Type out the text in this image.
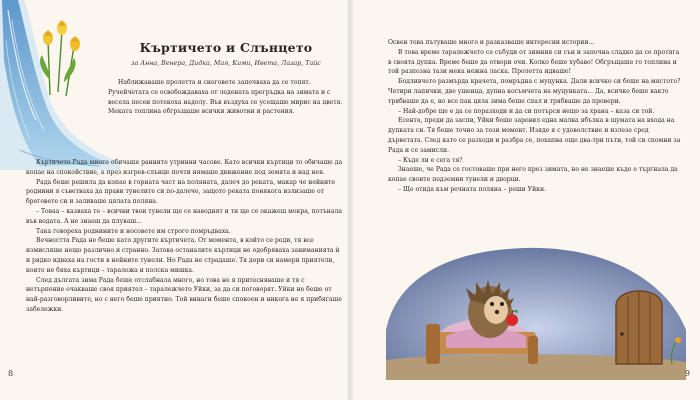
Къртичето и Слънцето
за Анна, Венера, Дидка, Мая, Кими, Ивета, Лазар, Тайс

Наближаваше пролетта и снеговете започваха да се топят. Ручейчетата се освобождаваха от ледената прегръдка на зимата и с весела песен потекоха надолу. Във въздуха се усещаше мирис на цветя. Меката топлина обгръщаше всички животни и растения.

Къртичето Рада много обичаше ранните утринни часове. Като всички къртици то обичаше да копае на спокойствие, а през изгрев-слънце почти нямаше движение под земята и над нея.

Рада беше решила да копае в горната част на поляната, далеч до реката, макар че нейните роднини я съветваха да прави тунелите си по-далече, защото реката понякога излизаше от бреговете си и заливаше цялата поляна.

– Товаа – казваха те – всички твои тунели ще се наводнят и ти ще се окажеш мокра, потънала във водата. А не знаеш да плуваш...

Така говореха роднините и носовете им строго помръдваха.

Вечността Рада не беше като другите къртичета. От момента, в който се роди, тя все измисляше нещо различно и странно. Затова останалите къртици не одобряваха заниманията ѝ и рядко идваха на гости в нейните тунели. Но Рада не страдаше. Тя дори си намери приятели, които не бяха къртици – таралежа и полска мишка.

След дългата зима Рада беше отслабнала много, но това не я притесняваше и тя с нетърпение очакваше своя приятел – таралежчето Уйки, за да си поговорят. Уйки не беше от най-разговорливите, но с него беше приятно. Той винаги беше спокоен и никога не я прибягаше забележки.

8

Освен това пътуваше много и разказваше интересни истории...

В това време таралежчето се събуди от зимния си сън и започна сладко да се протяга в своята дупка. Време беше да отвори очи. Колко беше хубаво! Обгръщаше го топлина и той разпозна тази мека нежна ласка. Пролетта идваше!

Бодливчето размърда крачета, помръдна с муцунка. Дали всичко си беше на мястото? Четири лапички, две ушенца, дупна косъмчета на муцунката... Да, всичко беше както трябваше да е, но все пак цяла зима беше спал и трябваше да провери.

– Най-добре ще е да се поразходи и да си потърси нещо за храна – каза си той.

Есента, преди да заспи, Уйки беше заровил една малка ябълка в шумата на входа на дупката си. Тя беше точно за този момент. Изяде я с удоволствие и излезе сред дърветата. След като се разходи и разбра се, похапна още два-три пъти, той си спомни за Рада и се замисли.

– Къде ли е сега тя?

Знаеше, че Рада се гостоваше при него през зимата, но не знаеше къде е търгнала да копае своите подземни тунели и дворци.

– Ще отида към речната поляна – реши Уйки.

9
